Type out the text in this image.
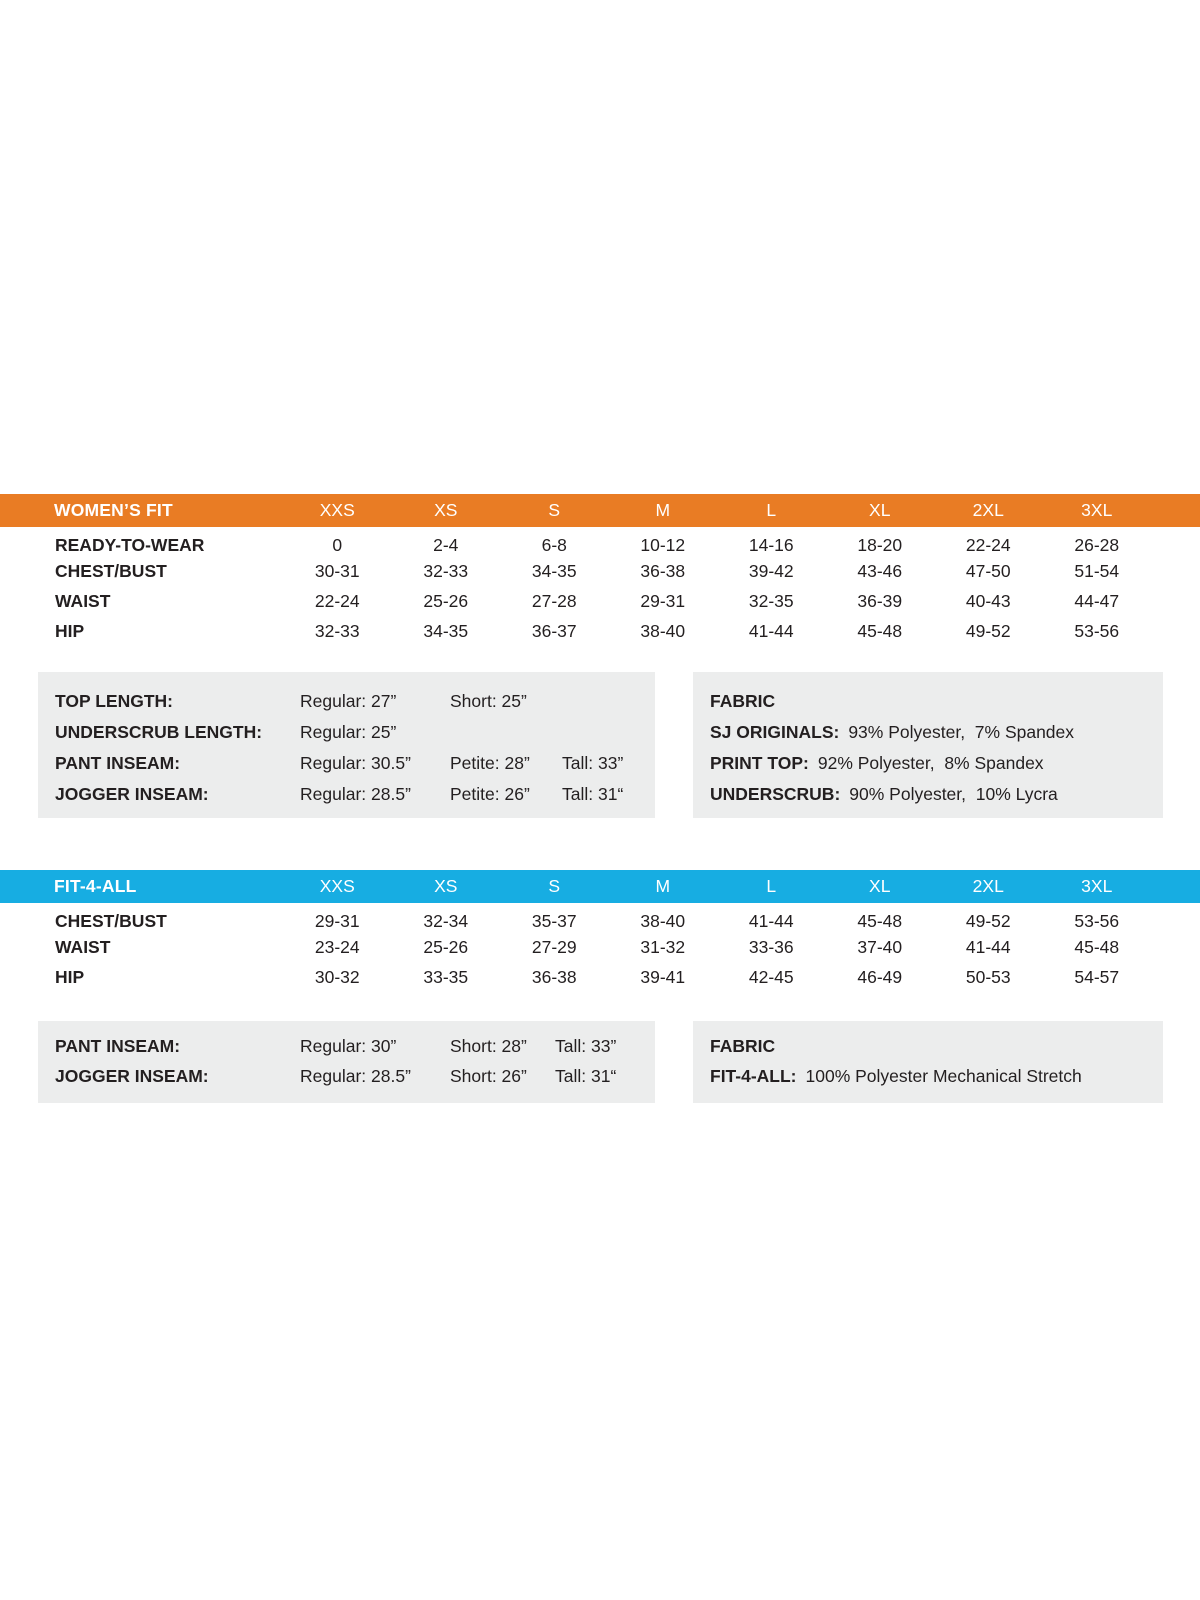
WOMEN’S FIT	XXS	XS	S	M	L	XL	2XL	3XL	
READY-TO-WEAR	0	2-4	6-8	10-12	14-16	18-20	22-24	26-28	
CHEST/BUST	30-31	32-33	34-35	36-38	39-42	43-46	47-50	51-54	
WAIST	22-24	25-26	27-28	29-31	32-35	36-39	40-43	44-47	
HIP	32-33	34-35	36-37	38-40	41-44	45-48	49-52	53-56	
TOP LENGTH:	Regular: 27”	Short: 25”
UNDERSCRUB LENGTH:	Regular: 25”
PANT INSEAM:	Regular: 30.5”	Petite: 28”	Tall: 33”
JOGGER INSEAM:	Regular: 28.5”	Petite: 26”	Tall: 31“
FABRIC
SJ ORIGINALS: 93% Polyester,  7% Spandex
PRINT TOP: 92% Polyester,  8% Spandex
UNDERSCRUB: 90% Polyester,  10% Lycra
FIT-4-ALL	XXS	XS	S	M	L	XL	2XL	3XL	
CHEST/BUST	29-31	32-34	35-37	38-40	41-44	45-48	49-52	53-56	
WAIST	23-24	25-26	27-29	31-32	33-36	37-40	41-44	45-48	
HIP	30-32	33-35	36-38	39-41	42-45	46-49	50-53	54-57	
PANT INSEAM:	Regular: 30”	Short: 28”	Tall: 33”
JOGGER INSEAM:	Regular: 28.5”	Short: 26”	Tall: 31“
FABRIC
FIT-4-ALL: 100% Polyester Mechanical Stretch
